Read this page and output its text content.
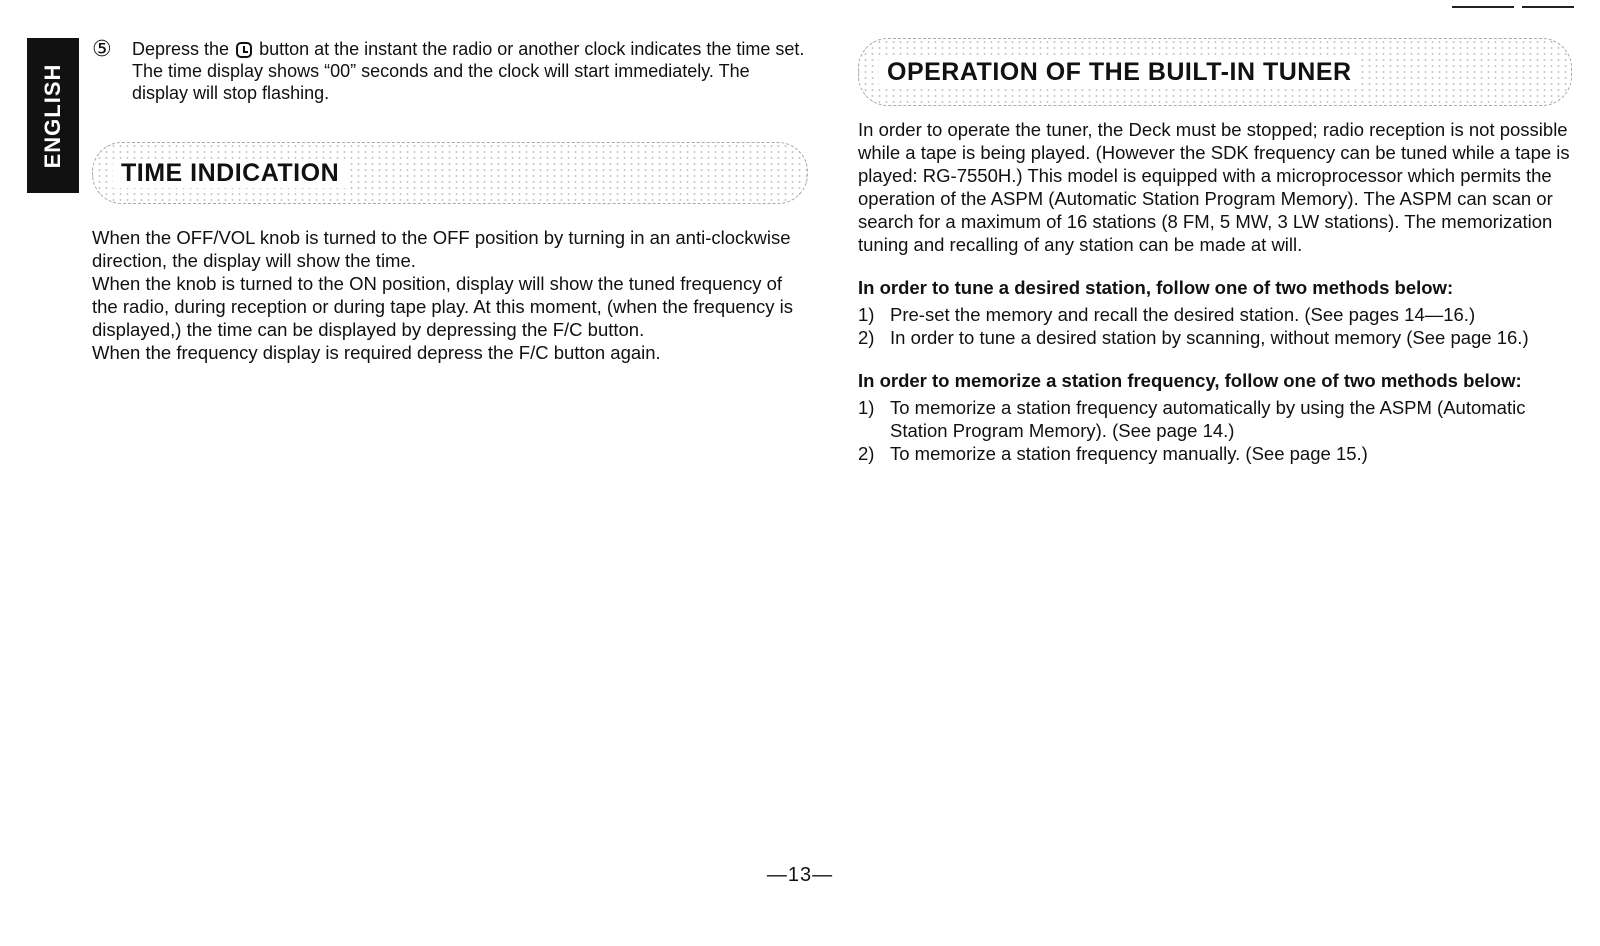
ENGLISH
⑤	Depress the button at the instant the radio or another clock indicates the time set. The time display shows “00” seconds and the clock will start immediately. The display will stop flashing.
TIME INDICATION

When the OFF/VOL knob is turned to the OFF position by turning in an anti-clockwise direction, the display will show the time.

When the knob is turned to the ON position, display will show the tuned frequency of the radio, during reception or during tape play. At this moment, (when the frequency is displayed,) the time can be displayed by depressing the F/C button.

When the frequency display is required depress the F/C button again.

OPERATION OF THE BUILT-IN TUNER

In order to operate the tuner, the Deck must be stopped; radio reception is not possible while a tape is being played. (However the SDK frequency can be tuned while a tape is played: RG-7550H.) This model is equipped with a microprocessor which permits the operation of the ASPM (Automatic Station Program Memory). The ASPM can scan or search for a maximum of 16 stations (8 FM, 5 MW, 3 LW stations). The memorization tuning and recalling of any station can be made at will.

In order to tune a desired station, follow one of two methods below:
1) Pre-set the memory and recall the desired station. (See pages 14—16.)
2) In order to tune a desired station by scanning, without memory (See page 16.)
In order to memorize a station frequency, follow one of two methods below:
1) To memorize a station frequency automatically by using the ASPM (Automatic Station Program Memory). (See page 14.)
2) To memorize a station frequency manually. (See page 15.)
—13—
